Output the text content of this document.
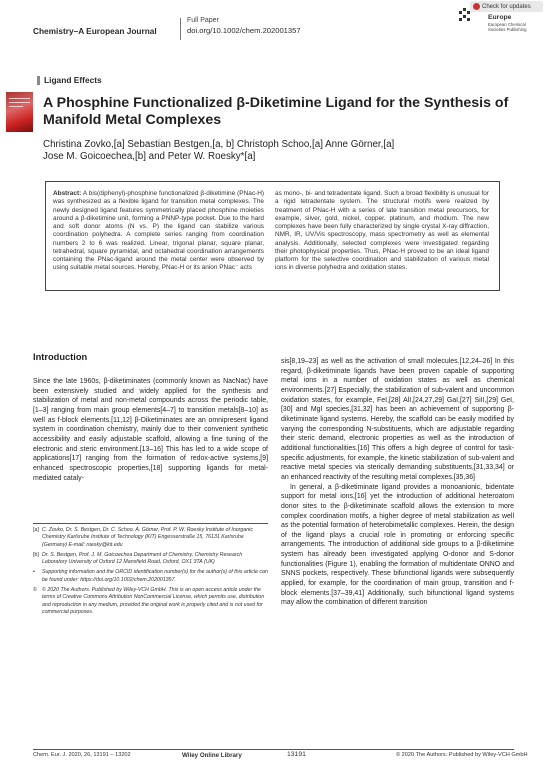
Chemistry–A European Journal
Full Paper
doi.org/10.1002/chem.202001357
Check for updates
Europe
European Chemical
Societies Publishing
Ligand Effects
A Phosphine Functionalized β-Diketimine Ligand for the Synthesis of Manifold Metal Complexes
Christina Zovko,[a] Sebastian Bestgen,[a, b] Christoph Schoo,[a] Anne Görner,[a]
Jose M. Goicoechea,[b] and Peter W. Roesky*[a]
Abstract: A bis(diphenyl)-phosphine functionalized β-diketimine (PNac-H) was synthesized as a flexible ligand for transition metal complexes. The newly designed ligand features symmetrically placed phosphine moieties around a β-diketimine unit, forming a PNNP-type pocket. Due to the hard and soft donor atoms (N vs. P) the ligand can stabilize various coordination polyhedra. A complete series ranging from coordination numbers 2 to 6 was realized. Linear, trigonal planar, square planar, tetrahedral, square pyramidal, and octahedral coordination arrangements containing the PNac-ligand around the metal center were observed by using suitable metal sources. Hereby, PNac-H or its anion PNac⁻ acts
as mono-, bi- and tetradentate ligand. Such a broad flexibility is unusual for a rigid tetradentate system. The structural motifs were realized by treatment of PNac-H with a series of late transition metal precursors, for example, silver, gold, nickel, copper, platinum, and rhodium. The new complexes have been fully characterized by single crystal X-ray diffraction, NMR, IR, UV/Vis spectroscopy, mass spectrometry as well as elemental analysis. Additionally, selected complexes were investigated regarding their photophysical properties. Thus, PNac-H proved to be an ideal ligand platform for the selective coordination and stabilization of various metal ions in diverse polyhedra and oxidation states.
Introduction
Since the late 1960s, β-diketiminates (commonly known as NacNac) have been extensively studied and widely applied for the synthesis and stabilization of metal and non-metal compounds across the periodic table,[1–3] ranging from main group elements[4–7] to transition metals[8–10] as well as f-block elements.[11,12] β-Diketiminates are an omnipresent ligand system in coordination chemistry, mainly due to their convenient synthetic accessibility and easily adjustable scaffold, allowing a fine tuning of the electronic and steric environment.[13–16] This has led to a wide scope of applications[17] ranging from the formation of redox-active systems,[9] enhanced spectroscopic properties,[18] supporting ligands for metal-mediated cataly-
sis[8,19–23] as well as the activation of small molecules.[12,24–26] In this regard, β-diketiminate ligands have been proven capable of supporting metal ions in a number of oxidation states as well as chemical environments.[27] Especially, the stabilization of sub-valent and uncommon oxidation states, for example, FeI,[28] AlI,[24,27,29] GaI,[27] SiII,[29] GeI,[30] and MgI species,[31,32] has been an achievement of supporting β-diketiminate ligand systems. Hereby, the scaffold can be easily modified by varying the corresponding N-substituents, which are adjustable regarding their steric demand, electronic properties as well as the introduction of additional functionalities.[16] This offers a high degree of control for task-specific adjustments, for example, the kinetic stabilization of sub-valent and reactive metal species via sterically demanding substituents,[31,33,34] or an enhanced reactivity of the resulting metal complexes.[35,36]
In general, a β-diketiminate ligand provides a monoanionic, bidentate support for metal ions,[16] yet the introduction of additional heteroatom donor sites to the β-diketiminate scaffold allows the extension to more complex coordination motifs, a higher degree of metal stabilization as well as the potential formation of heterobimetallic complexes. Herein, the design of the ligand plays a crucial role in promoting or enforcing specific arrangements. The introduction of additional side groups to a β-diketimine system has already been investigated applying O-donor and S-donor functionalities (Figure 1), enabling the formation of multidentate ONNO and SNNS pockets, respectively. These bifunctional ligands were subsequently applied, for example, for the coordination of main group, transition and f-block elements.[37–39,41] Additionally, such bifunctional ligand systems may allow the combination of different transition
[a] C. Zovko, Dr. S. Bestgen, Dr. C. Schoo, A. Görner, Prof. P. W. Roesky Institute of Inorganic Chemistry Karlsruhe Institute of Technology (KIT) Engesserstraße 15, 76131 Karlsruhe (Germany) E-mail: roesky@kit.edu
[b] Dr. S. Bestgen, Prof. J. M. Goicoechea Department of Chemistry, Chemistry Research Laboratory University of Oxford 12 Mansfield Road, Oxford, OX1 3TA (UK)
▪ Supporting information and the ORCID identification number(s) for the author(s) of this article can be found under: https://doi.org/10.1002/chem.202001357.
© © 2020 The Authors. Published by Wiley-VCH GmbH. This is an open access article under the terms of Creative Commons Attribution NonCommercial License, which permits use, distribution and reproduction in any medium, provided the original work is properly cited and is not used for commercial purposes.
Chem. Eur. J. 2020, 26, 13191 – 13202	Wiley Online Library	13191	© 2020 The Authors. Published by Wiley-VCH GmbH
